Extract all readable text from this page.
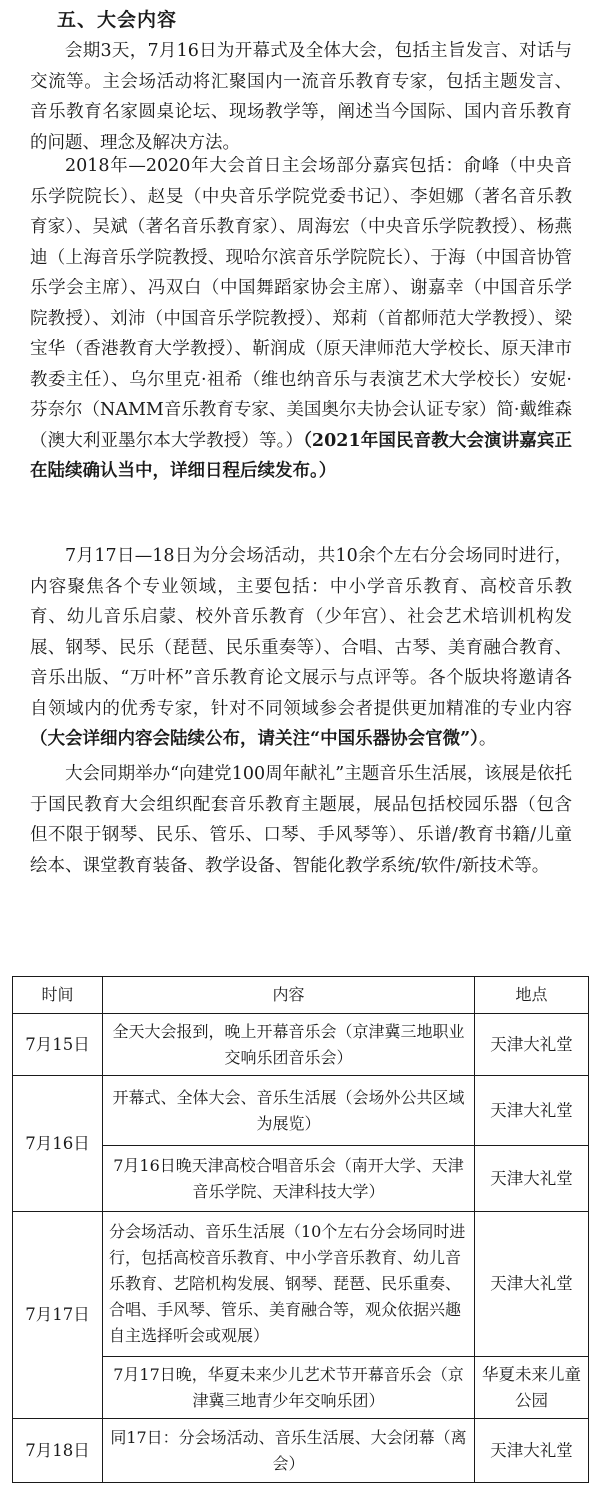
五、大会内容

会期3天，7月16日为开幕式及全体大会，包括主旨发言、对话与交流等。主会场活动将汇聚国内一流音乐教育专家，包括主题发言、音乐教育名家圆桌论坛、现场教学等，阐述当今国际、国内音乐教育的问题、理念及解决方法。

2018年—2020年大会首日主会场部分嘉宾包括：俞峰（中央音乐学院院长）、赵旻（中央音乐学院党委书记）、李妲娜（著名音乐教育家）、吴斌（著名音乐教育家）、周海宏（中央音乐学院教授）、杨燕迪（上海音乐学院教授、现哈尔滨音乐学院院长）、于海（中国音协管乐学会主席）、冯双白（中国舞蹈家协会主席）、谢嘉幸（中国音乐学院教授）、刘沛（中国音乐学院教授）、郑莉（首都师范大学教授）、梁宝华（香港教育大学教授）、靳润成（原天津师范大学校长、原天津市教委主任）、乌尔里克·祖希（维也纳音乐与表演艺术大学校长）安妮·芬奈尔（NAMM音乐教育专家、美国奥尔夫协会认证专家）简·戴维森（澳大利亚墨尔本大学教授）等。）（2021年国民音教大会演讲嘉宾正在陆续确认当中，详细日程后续发布。）

7月17日—18日为分会场活动，共10余个左右分会场同时进行，内容聚焦各个专业领域，主要包括：中小学音乐教育、高校音乐教育、幼儿音乐启蒙、校外音乐教育（少年宫）、社会艺术培训机构发展、钢琴、民乐（琵琶、民乐重奏等）、合唱、古琴、美育融合教育、音乐出版、“万叶杯”音乐教育论文展示与点评等。各个版块将邀请各自领域内的优秀专家，针对不同领域参会者提供更加精准的专业内容（大会详细内容会陆续公布，请关注“中国乐器协会官微”）。

大会同期举办“向建党100周年献礼”主题音乐生活展，该展是依托于国民教育大会组织配套音乐教育主题展，展品包括校园乐器（包含但不限于钢琴、民乐、管乐、口琴、手风琴等）、乐谱/教育书籍/儿童绘本、课堂教育装备、教学设备、智能化教学系统/软件/新技术等。

时间	内容	地点
7月15日	全天大会报到，晚上开幕音乐会（京津冀三地职业交响乐团音乐会）	天津大礼堂
7月16日	开幕式、全体大会、音乐生活展（会场外公共区域为展览）	天津大礼堂
	7月16日晚天津高校合唱音乐会（南开大学、天津音乐学院、天津科技大学）	天津大礼堂
7月17日	分会场活动、音乐生活展（10个左右分会场同时进行，包括高校音乐教育、中小学音乐教育、幼儿音乐教育、艺陪机构发展、钢琴、琵琶、民乐重奏、合唱、手风琴、管乐、美育融合等，观众依据兴趣自主选择听会或观展）	天津大礼堂
	7月17日晚，华夏未来少儿艺术节开幕音乐会（京津冀三地青少年交响乐团）	华夏未来儿童公园
7月18日	同17日：分会场活动、音乐生活展、大会闭幕（离会）	天津大礼堂
